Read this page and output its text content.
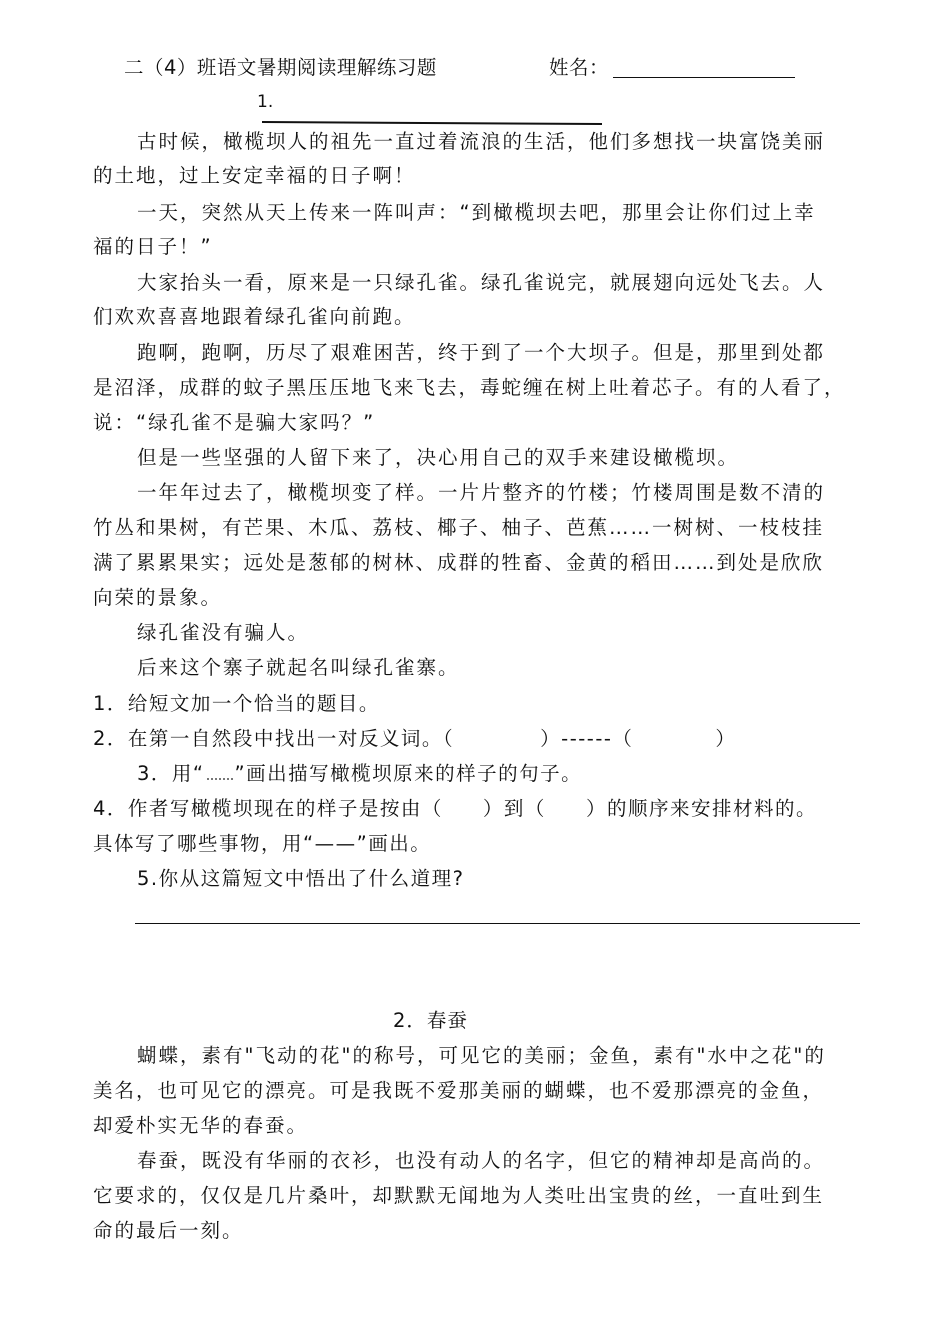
二（4）班语文暑期阅读理解练习题	姓名：
1.
古时候，橄榄坝人的祖先一直过着流浪的生活，他们多想找一块富饶美丽
的土地，过上安定幸福的日子啊！
一天，突然从天上传来一阵叫声：“到橄榄坝去吧，那里会让你们过上幸
福的日子！”
大家抬头一看，原来是一只绿孔雀。绿孔雀说完，就展翅向远处飞去。人
们欢欢喜喜地跟着绿孔雀向前跑。
跑啊，跑啊，历尽了艰难困苦，终于到了一个大坝子。但是，那里到处都
是沼泽，成群的蚊子黑压压地飞来飞去，毒蛇缠在树上吐着芯子。有的人看了，
说：“绿孔雀不是骗大家吗？”
但是一些坚强的人留下来了，决心用自己的双手来建设橄榄坝。
一年年过去了，橄榄坝变了样。一片片整齐的竹楼；竹楼周围是数不清的
竹丛和果树，有芒果、木瓜、荔枝、椰子、柚子、芭蕉……一树树、一枝枝挂
满了累累果实；远处是葱郁的树林、成群的牲畜、金黄的稻田……到处是欣欣
向荣的景象。
绿孔雀没有骗人。
后来这个寨子就起名叫绿孔雀寨。
1．给短文加一个恰当的题目。
2．在第一自然段中找出一对反义词。（	）------（	）
3．用“ ”画出描写橄榄坝原来的样子的句子。
4．作者写橄榄坝现在的样子是按由（ ）到（ ）的顺序来安排材料的。
具体写了哪些事物，用“——”画出。
5.你从这篇短文中悟出了什么道理?
2．春蚕
蝴蝶，素有"飞动的花"的称号，可见它的美丽；金鱼，素有"水中之花"的
美名，也可见它的漂亮。可是我既不爱那美丽的蝴蝶，也不爱那漂亮的金鱼，
却爱朴实无华的春蚕。
春蚕，既没有华丽的衣衫，也没有动人的名字，但它的精神却是高尚的。
它要求的，仅仅是几片桑叶，却默默无闻地为人类吐出宝贵的丝，一直吐到生
命的最后一刻。
